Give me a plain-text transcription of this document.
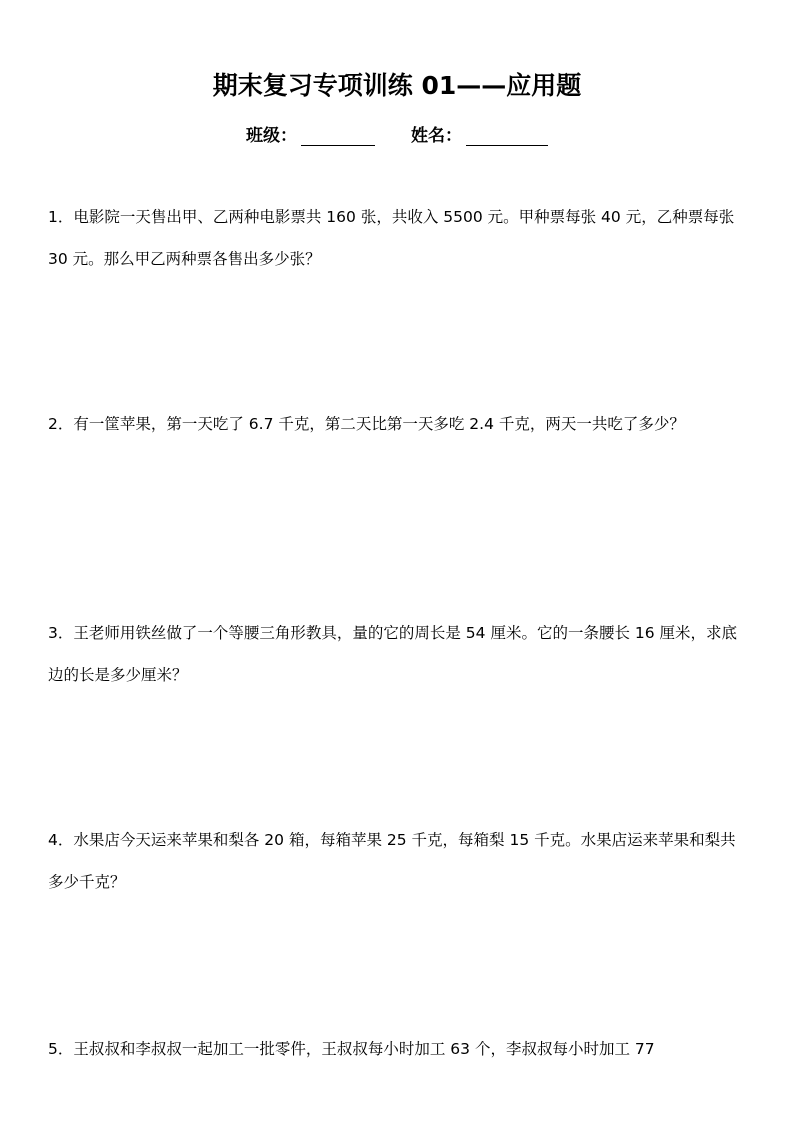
期末复习专项训练 01——应用题
班级：	姓名：
1．电影院一天售出甲、乙两种电影票共 160 张，共收入 5500 元。甲种票每张 40 元，乙种票每张 30 元。那么甲乙两种票各售出多少张？
2．有一筐苹果，第一天吃了 6.7 千克，第二天比第一天多吃 2.4 千克，两天一共吃了多少？
3．王老师用铁丝做了一个等腰三角形教具，量的它的周长是 54 厘米。它的一条腰长 16 厘米，求底边的长是多少厘米？
4．水果店今天运来苹果和梨各 20 箱，每箱苹果 25 千克，每箱梨 15 千克。水果店运来苹果和梨共多少千克？
5．王叔叔和李叔叔一起加工一批零件，王叔叔每小时加工 63 个，李叔叔每小时加工 77
